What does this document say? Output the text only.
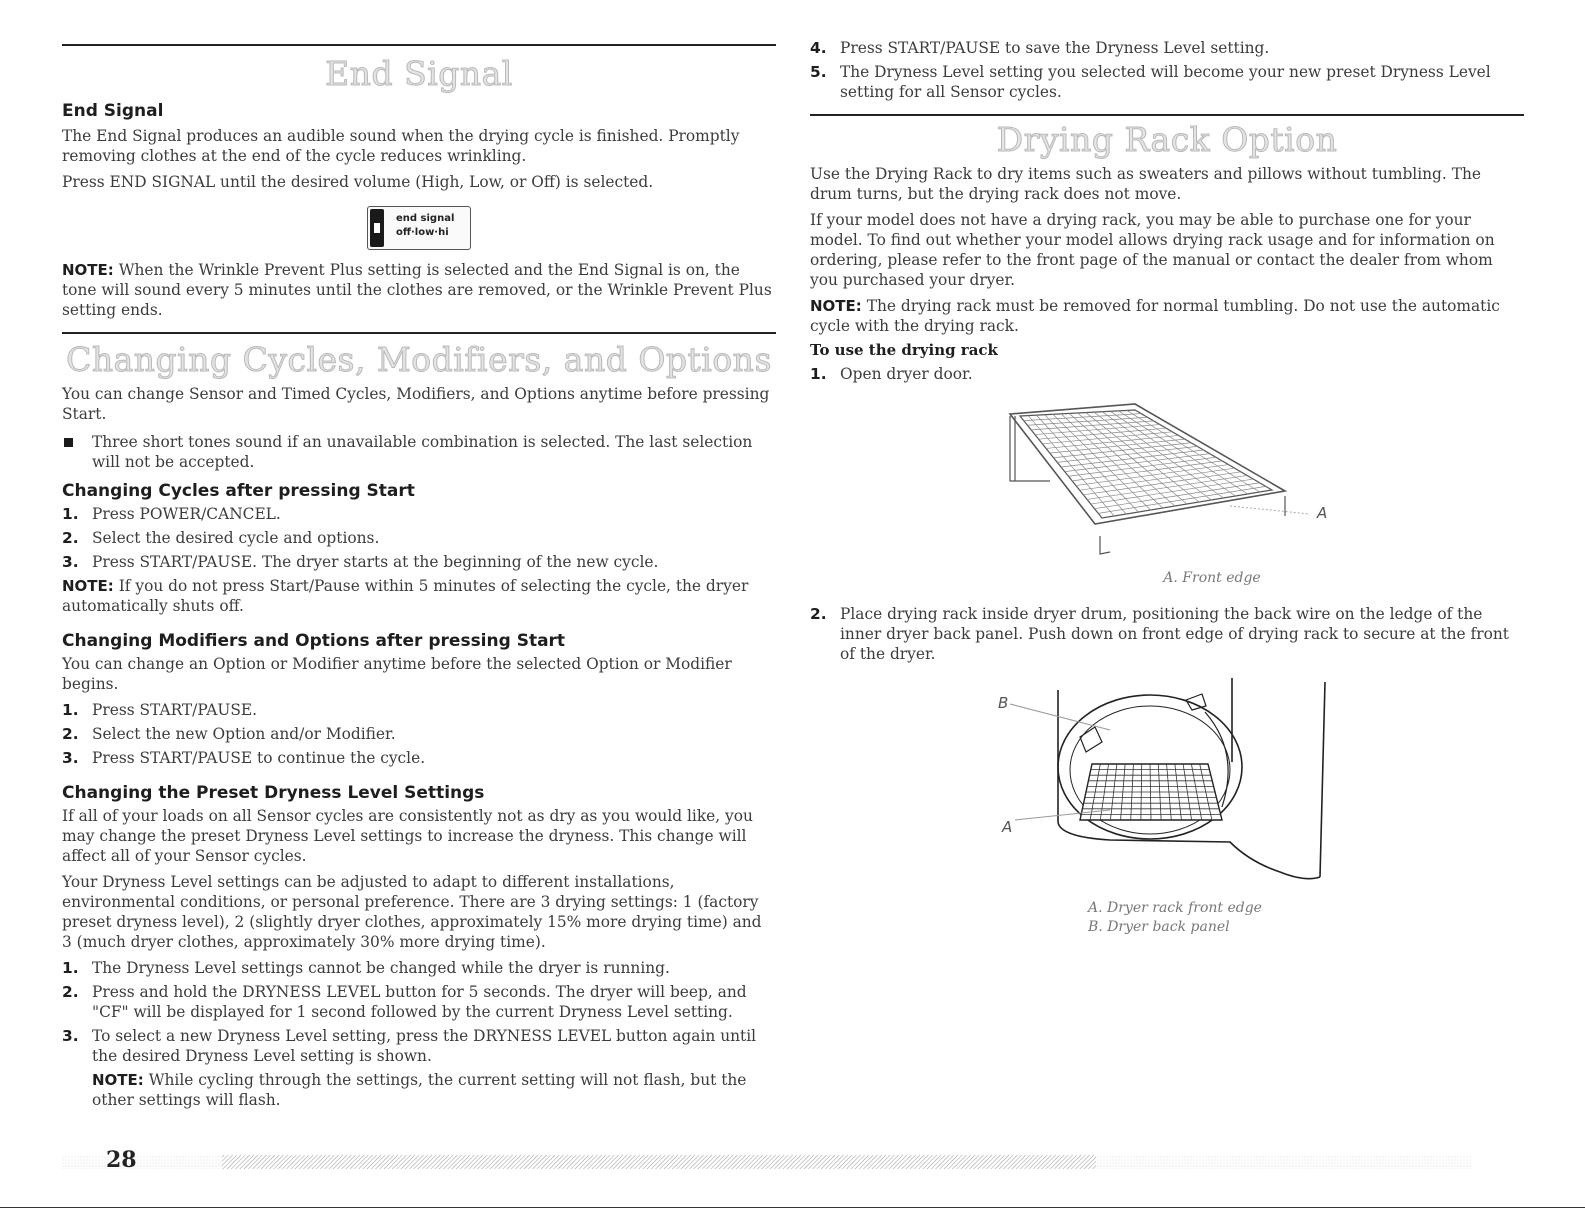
End Signal
End Signal

The End Signal produces an audible sound when the drying cycle is finished. Promptly removing clothes at the end of the cycle reduces wrinkling.

Press END SIGNAL until the desired volume (High, Low, or Off) is selected.

end signal
off·low·hi

NOTE: When the Wrinkle Prevent Plus setting is selected and the End Signal is on, the tone will sound every 5 minutes until the clothes are removed, or the Wrinkle Prevent Plus setting ends.

Changing Cycles, Modifiers, and Options

You can change Sensor and Timed Cycles, Modifiers, and Options anytime before pressing Start.

Three short tones sound if an unavailable combination is selected. The last selection will not be accepted.
Changing Cycles after pressing Start
1. Press POWER/CANCEL.
2. Select the desired cycle and options.
3. Press START/PAUSE. The dryer starts at the beginning of the new cycle.

NOTE: If you do not press Start/Pause within 5 minutes of selecting the cycle, the dryer automatically shuts off.

Changing Modifiers and Options after pressing Start

You can change an Option or Modifier anytime before the selected Option or Modifier begins.

1. Press START/PAUSE.
2. Select the new Option and/or Modifier.
3. Press START/PAUSE to continue the cycle.
Changing the Preset Dryness Level Settings

If all of your loads on all Sensor cycles are consistently not as dry as you would like, you may change the preset Dryness Level settings to increase the dryness. This change will affect all of your Sensor cycles.

Your Dryness Level settings can be adjusted to adapt to different installations, environmental conditions, or personal preference. There are 3 drying settings: 1 (factory preset dryness level), 2 (slightly dryer clothes, approximately 15% more drying time) and 3 (much dryer clothes, approximately 30% more drying time).

1. The Dryness Level settings cannot be changed while the dryer is running.
2. Press and hold the DRYNESS LEVEL button for 5 seconds. The dryer will beep, and "CF" will be displayed for 1 second followed by the current Dryness Level setting.
3. To select a new Dryness Level setting, press the DRYNESS LEVEL button again until the desired Dryness Level setting is shown.

NOTE: While cycling through the settings, the current setting will not flash, but the other settings will flash.

4. Press START/PAUSE to save the Dryness Level setting.
5. The Dryness Level setting you selected will become your new preset Dryness Level setting for all Sensor cycles.
Drying Rack Option

Use the Drying Rack to dry items such as sweaters and pillows without tumbling. The drum turns, but the drying rack does not move.

If your model does not have a drying rack, you may be able to purchase one for your model. To find out whether your model allows drying rack usage and for information on ordering, please refer to the front page of the manual or contact the dealer from whom you purchased your dryer.

NOTE: The drying rack must be removed for normal tumbling. Do not use the automatic cycle with the drying rack.

To use the drying rack
1. Open dryer door.
A
A. Front edge
2. Place drying rack inside dryer drum, positioning the back wire on the ledge of the inner dryer back panel. Push down on front edge of drying rack to secure at the front of the dryer.
B
A
A. Dryer rack front edge
B. Dryer back panel
28
